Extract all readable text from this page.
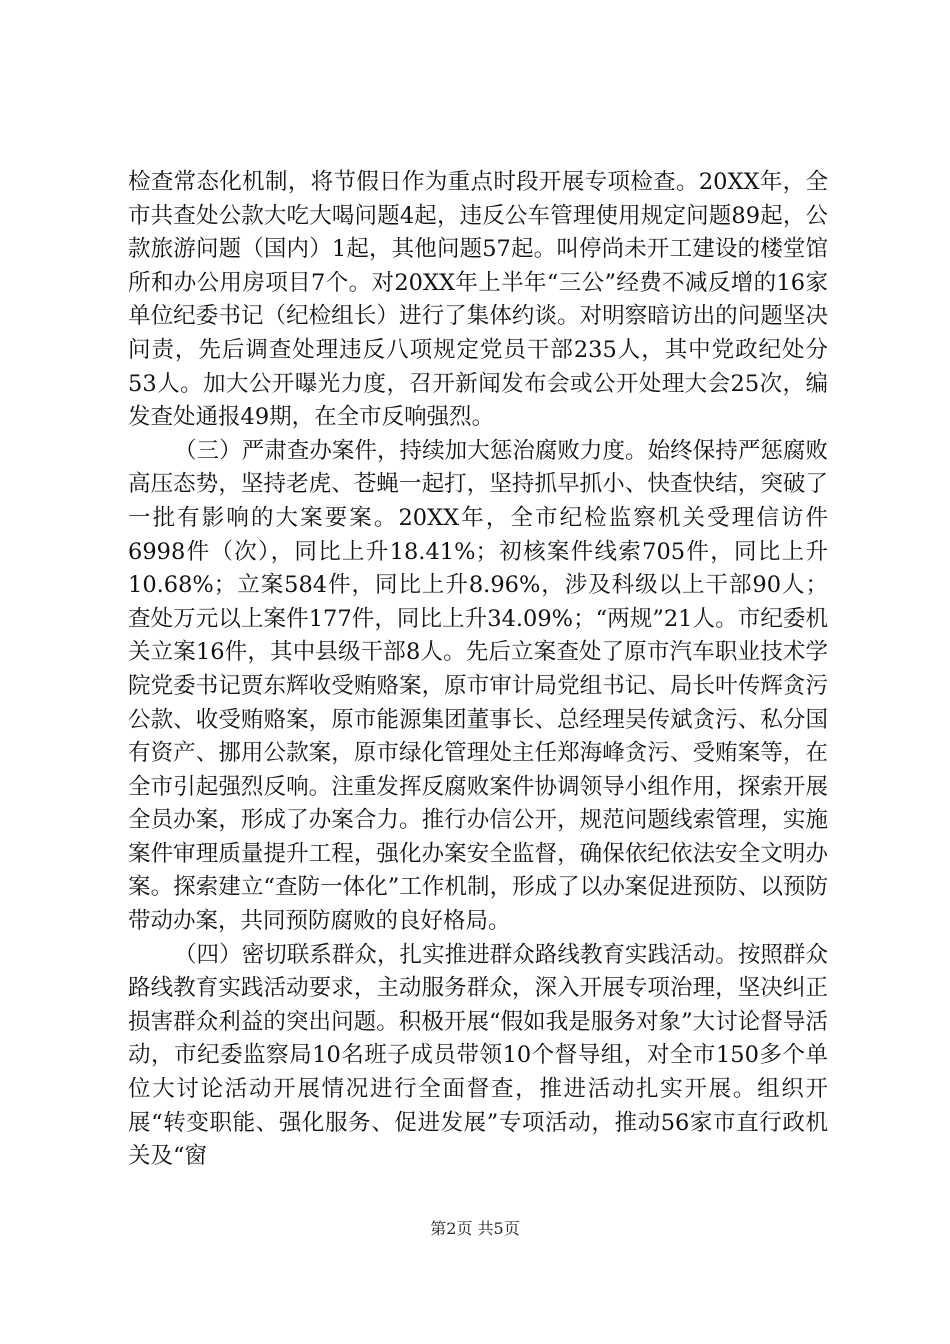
检查常态化机制，将节假日作为重点时段开展专项检查。20XX年，全市共查处公款大吃大喝问题4起，违反公车管理使用规定问题89起，公款旅游问题（国内）1起，其他问题57起。叫停尚未开工建设的楼堂馆所和办公用房项目7个。对20XX年上半年“三公”经费不减反增的16家单位纪委书记（纪检组长）进行了集体约谈。对明察暗访出的问题坚决问责，先后调查处理违反八项规定党员干部235人，其中党政纪处分53人。加大公开曝光力度，召开新闻发布会或公开处理大会25次，编发查处通报49期，在全市反响强烈。

（三）严肃查办案件，持续加大惩治腐败力度。始终保持严惩腐败高压态势，坚持老虎、苍蝇一起打，坚持抓早抓小、快查快结，突破了一批有影响的大案要案。20XX年，全市纪检监察机关受理信访件6998件（次），同比上升18.41%；初核案件线索705件，同比上升10.68%；立案584件，同比上升8.96%，涉及科级以上干部90人；查处万元以上案件177件，同比上升34.09%；“两规”21人。市纪委机关立案16件，其中县级干部8人。先后立案查处了原市汽车职业技术学院党委书记贾东辉收受贿赂案，原市审计局党组书记、局长叶传辉贪污公款、收受贿赂案，原市能源集团董事长、总经理吴传斌贪污、私分国有资产、挪用公款案，原市绿化管理处主任郑海峰贪污、受贿案等，在全市引起强烈反响。注重发挥反腐败案件协调领导小组作用，探索开展全员办案，形成了办案合力。推行办信公开，规范问题线索管理，实施案件审理质量提升工程，强化办案安全监督，确保依纪依法安全文明办案。探索建立“查防一体化”工作机制，形成了以办案促进预防、以预防带动办案，共同预防腐败的良好格局。

（四）密切联系群众，扎实推进群众路线教育实践活动。按照群众路线教育实践活动要求，主动服务群众，深入开展专项治理，坚决纠正损害群众利益的突出问题。积极开展“假如我是服务对象”大讨论督导活动，市纪委监察局10名班子成员带领10个督导组，对全市150多个单位大讨论活动开展情况进行全面督查，推进活动扎实开展。组织开展“转变职能、强化服务、促进发展”专项活动，推动56家市直行政机关及“窗

第2页 共5页
